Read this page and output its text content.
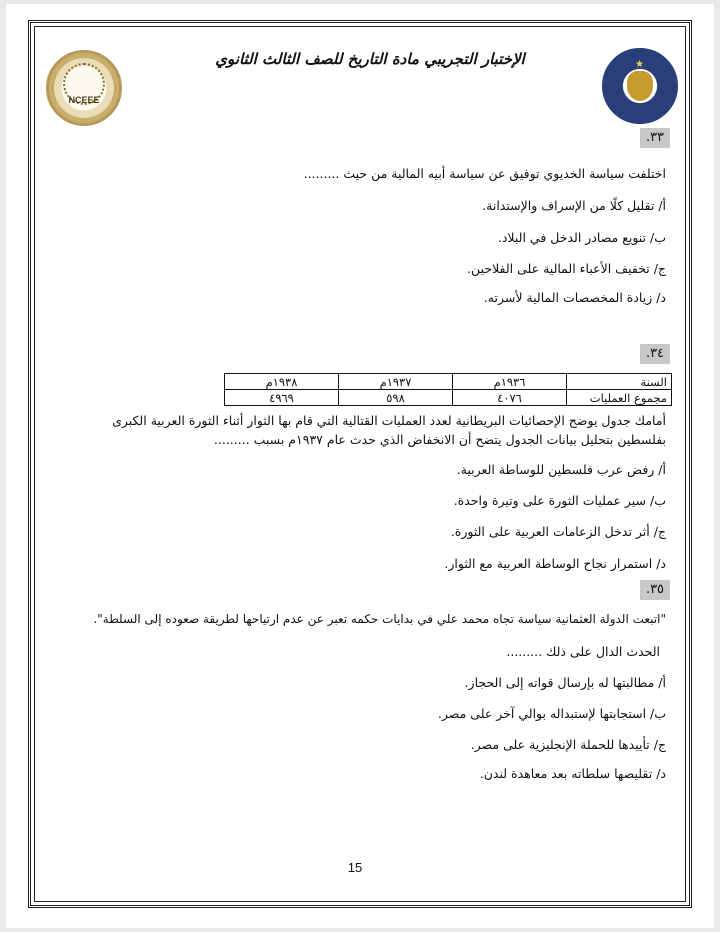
NCEEE
★
الإختبار التجريبي مادة التاريخ للصف الثالث الثانوي
٣٣.
اختلفت سياسة الخديوي توفيق عن سياسة أبيه المالية من حيث .........
أ/ تقليل كلًا من الإسراف والإستدانة.
ب/ تنويع مصادر الدخل في البلاد.
ج/ تخفيف الأعباء المالية على الفلاحين.
د/ زيادة المخصصات المالية لأسرته.
٣٤.
السنة	١٩٣٦م	١٩٣٧م	١٩٣٨م
مجموع العمليات	٤٠٧٦	٥٩٨	٤٩٦٩
أمامك جدول يوضح الإحصائيات البريطانية لعدد العمليات القتالية التي قام بها الثوار أثناء الثورة العربية الكبرى
بفلسطين بتحليل بيانات الجدول يتضح أن الانخفاض الذي حدث عام ١٩٣٧م بسبب .........
أ/ رفض عرب فلسطين للوساطة العربية.
ب/ سير عمليات الثورة على وتيرة واحدة.
ج/ أثر تدخل الزعامات العربية على الثورة.
د/ استمرار نجاح الوساطة العربية مع الثوار.
٣٥.
"اتبعت الدولة العثمانية سياسة تجاه محمد علي في بدايات حكمه تعبر عن عدم ارتياحها لطريقة صعوده إلى السلطة".
الحدث الدال على ذلك .........
أ/ مطالبتها له بإرسال قواته إلى الحجاز.
ب/ استجابتها لإستبداله بوالي آخر على مصر.
ج/ تأييدها للحملة الإنجليزية على مصر.
د/ تقليصها سلطاته بعد معاهدة لندن.
15
